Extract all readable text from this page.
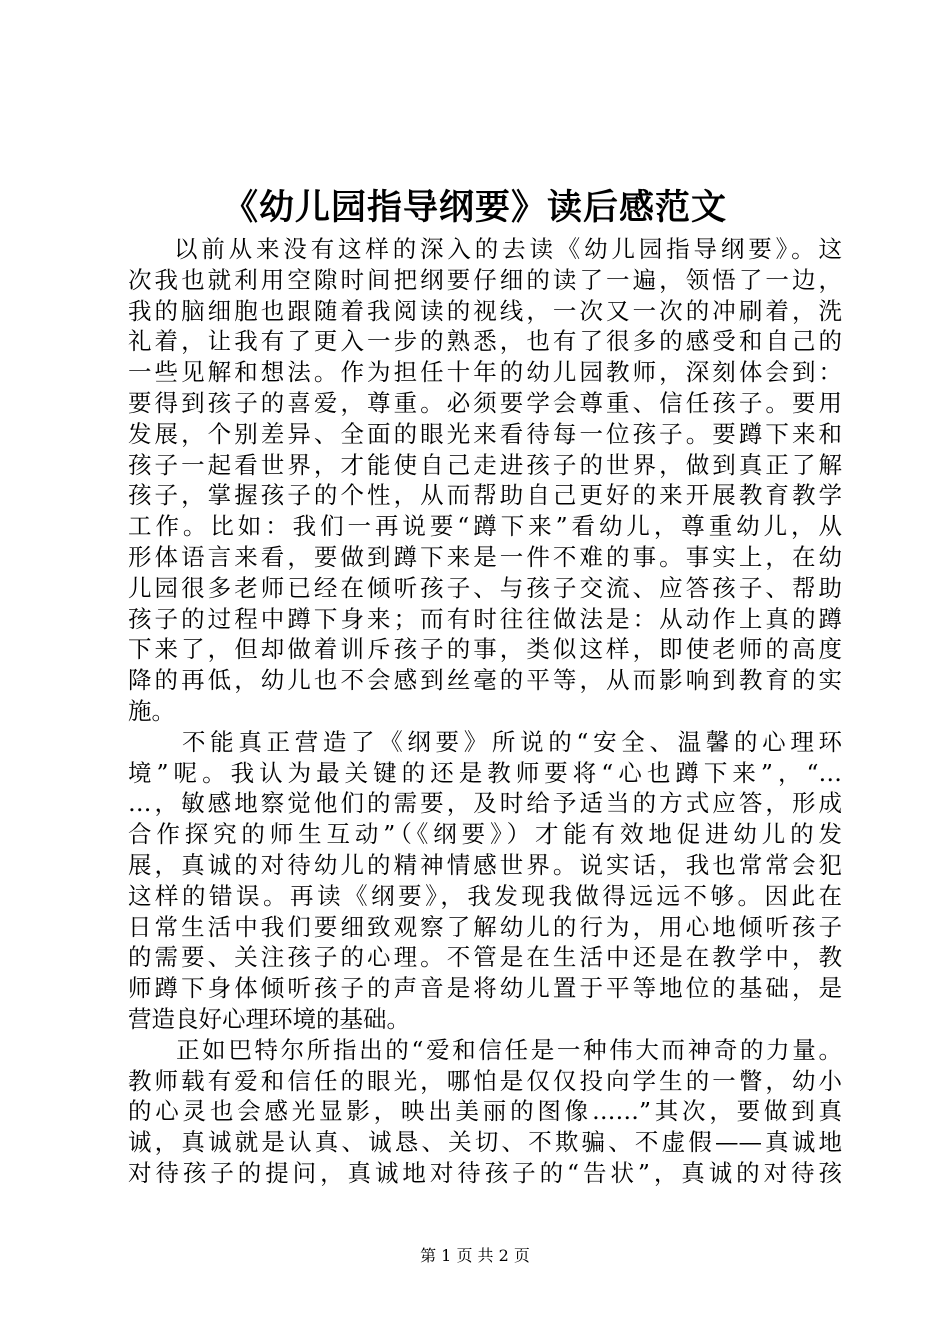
《幼儿园指导纲要》读后感范文
以前从来没有这样的深入的去读《幼儿园指导纲要》。这
次我也就利用空隙时间把纲要仔细的读了一遍，领悟了一边，
我的脑细胞也跟随着我阅读的视线，一次又一次的冲刷着，洗
礼着，让我有了更入一步的熟悉，也有了很多的感受和自己的
一些见解和想法。作为担任十年的幼儿园教师，深刻体会到：
要得到孩子的喜爱，尊重。必须要学会尊重、信任孩子。要用
发展，个别差异、全面的眼光来看待每一位孩子。要蹲下来和
孩子一起看世界，才能使自己走进孩子的世界，做到真正了解
孩子，掌握孩子的个性，从而帮助自己更好的来开展教育教学
工作。比如：我们一再说要“蹲下来”看幼儿，尊重幼儿，从
形体语言来看，要做到蹲下来是一件不难的事。事实上，在幼
儿园很多老师已经在倾听孩子、与孩子交流、应答孩子、帮助
孩子的过程中蹲下身来；而有时往往做法是：从动作上真的蹲
下来了，但却做着训斥孩子的事，类似这样，即使老师的高度
降的再低，幼儿也不会感到丝毫的平等，从而影响到教育的实
施。
不能真正营造了《纲要》所说的“安全、温馨的心理环
境”呢。我认为最关键的还是教师要将“心也蹲下来”，“…
…，敏感地察觉他们的需要，及时给予适当的方式应答，形成
合作探究的师生互动”（《纲要》）才能有效地促进幼儿的发
展，真诚的对待幼儿的精神情感世界。说实话，我也常常会犯
这样的错误。再读《纲要》，我发现我做得远远不够。因此在
日常生活中我们要细致观察了解幼儿的行为，用心地倾听孩子
的需要、关注孩子的心理。不管是在生活中还是在教学中，教
师蹲下身体倾听孩子的声音是将幼儿置于平等地位的基础，是
营造良好心理环境的基础。
正如巴特尔所指出的“爱和信任是一种伟大而神奇的力量。
教师载有爱和信任的眼光，哪怕是仅仅投向学生的一瞥，幼小
的心灵也会感光显影，映出美丽的图像……”其次，要做到真
诚，真诚就是认真、诚恳、关切、不欺骗、不虚假——真诚地
对待孩子的提问，真诚地对待孩子的“告状”，真诚的对待孩
第 1 页 共 2 页
